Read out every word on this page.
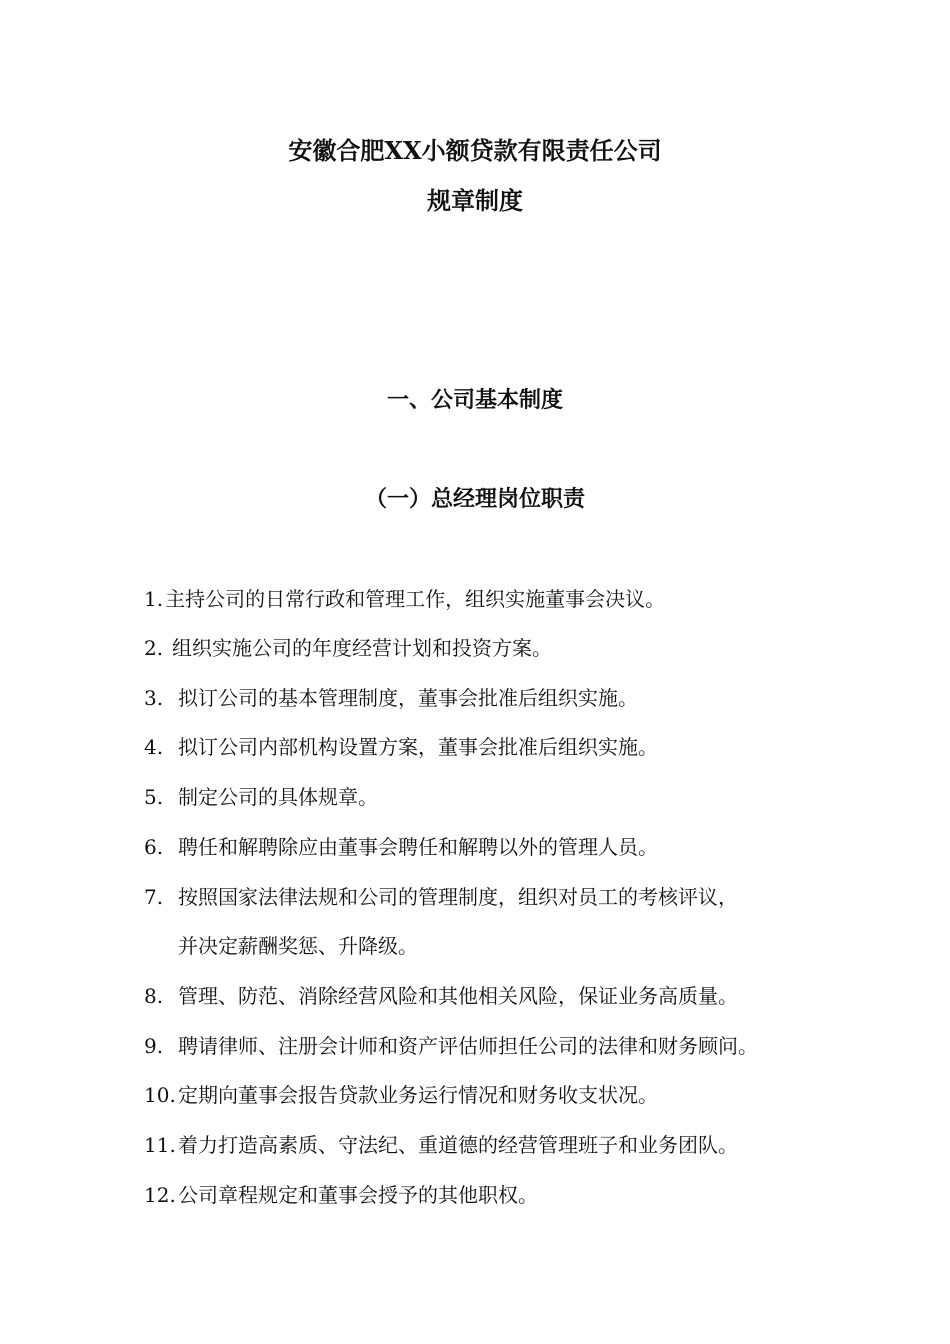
安徽合肥XX小额贷款有限责任公司
规章制度
一、公司基本制度
（一）总经理岗位职责
1. 主持公司的日常行政和管理工作，组织实施董事会决议。
2. 组织实施公司的年度经营计划和投资方案。
3. 拟订公司的基本管理制度，董事会批准后组织实施。
4. 拟订公司内部机构设置方案，董事会批准后组织实施。
5. 制定公司的具体规章。
6. 聘任和解聘除应由董事会聘任和解聘以外的管理人员。
7. 按照国家法律法规和公司的管理制度，组织对员工的考核评议，
并决定薪酬奖惩、升降级。
8. 管理、防范、消除经营风险和其他相关风险，保证业务高质量。
9. 聘请律师、注册会计师和资产评估师担任公司的法律和财务顾问。
10. 定期向董事会报告贷款业务运行情况和财务收支状况。
11. 着力打造高素质、守法纪、重道德的经营管理班子和业务团队。
12. 公司章程规定和董事会授予的其他职权。
